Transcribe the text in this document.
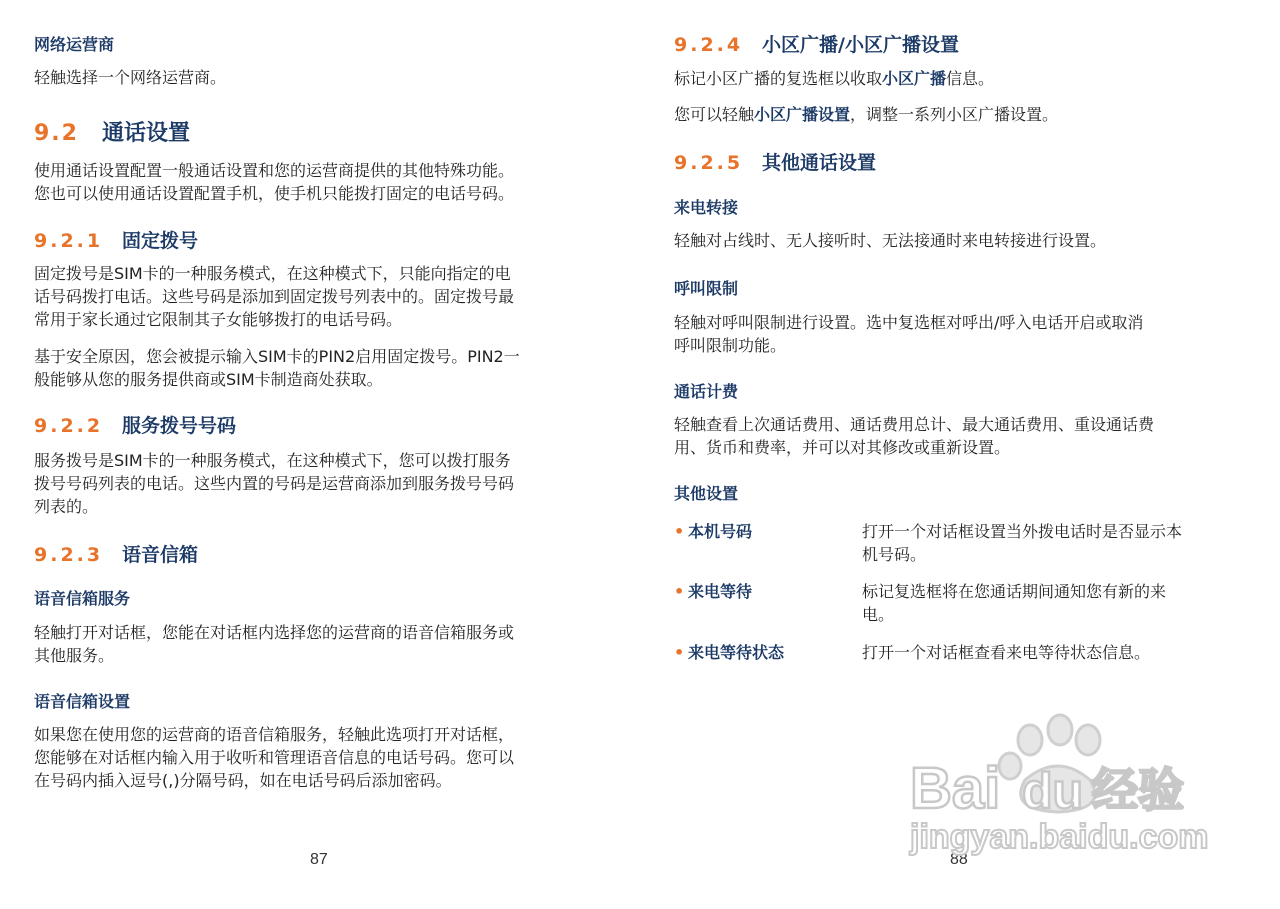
网络运营商
轻触选择一个网络运营商。
9.2 通话设置
使用通话设置配置一般通话设置和您的运营商提供的其他特殊功能。
您也可以使用通话设置配置手机，使手机只能拨打固定的电话号码。
9.2.1 固定拨号
固定拨号是SIM卡的一种服务模式，在这种模式下，只能向指定的电
话号码拨打电话。这些号码是添加到固定拨号列表中的。固定拨号最
常用于家长通过它限制其子女能够拨打的电话号码。
基于安全原因，您会被提示输入SIM卡的PIN2启用固定拨号。PIN2一
般能够从您的服务提供商或SIM卡制造商处获取。
9.2.2 服务拨号号码
服务拨号是SIM卡的一种服务模式，在这种模式下，您可以拨打服务
拨号号码列表的电话。这些内置的号码是运营商添加到服务拨号号码
列表的。
9.2.3 语音信箱
语音信箱服务
轻触打开对话框，您能在对话框内选择您的运营商的语音信箱服务或
其他服务。
语音信箱设置
如果您在使用您的运营商的语音信箱服务，轻触此选项打开对话框，
您能够在对话框内输入用于收听和管理语音信息的电话号码。您可以
在号码内插入逗号(,)分隔号码，如在电话号码后添加密码。
87
9.2.4 小区广播/小区广播设置
标记小区广播的复选框以收取小区广播信息。
您可以轻触小区广播设置，调整一系列小区广播设置。
9.2.5 其他通话设置
来电转接
轻触对占线时、无人接听时、无法接通时来电转接进行设置。
呼叫限制
轻触对呼叫限制进行设置。选中复选框对呼出/呼入电话开启或取消
呼叫限制功能。
通话计费
轻触查看上次通话费用、通话费用总计、最大通话费用、重设通话费
用、货币和费率，并可以对其修改或重新设置。
其他设置
• 本机号码	打开一个对话框设置当外拨电话时是否显示本
机号码。
• 来电等待	标记复选框将在您通话期间通知您有新的来
电。
• 来电等待状态	打开一个对话框查看来电等待状态信息。
88
Bai du 经验
jingyan.baidu.com
